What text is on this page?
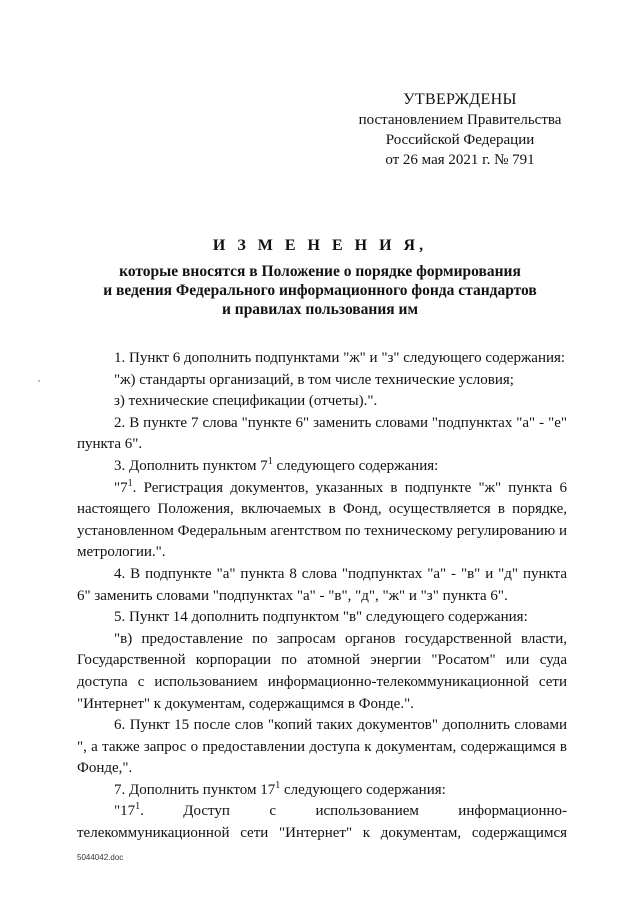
УТВЕРЖДЕНЫ
постановлением Правительства
Российской Федерации
от 26 мая 2021 г. № 791
И З М Е Н Е Н И Я,
которые вносятся в Положение о порядке формирования
и ведения Федерального информационного фонда стандартов
и правилах пользования им

1. Пункт 6 дополнить подпунктами "ж" и "з" следующего содержания:

"ж) стандарты организаций, в том числе технические условия;

з) технические спецификации (отчеты).".

2. В пункте 7 слова "пункте 6" заменить словами "подпунктах "а" - "е" пункта 6".

3. Дополнить пунктом $7^1$ следующего содержания:

"$7^1$. Регистрация документов, указанных в подпункте "ж" пункта 6 настоящего Положения, включаемых в Фонд, осуществляется в порядке, установленном Федеральным агентством по техническому регулированию и метрологии.".

4. В подпункте "а" пункта 8 слова "подпунктах "а" - "в" и "д" пункта 6" заменить словами "подпунктах "а" - "в", "д", "ж" и "з" пункта 6".

5. Пункт 14 дополнить подпунктом "в" следующего содержания:

"в) предоставление по запросам органов государственной власти, Государственной корпорации по атомной энергии "Росатом" или суда доступа с использованием информационно-телекоммуникационной сети "Интернет" к документам, содержащимся в Фонде.".

6. Пункт 15 после слов "копий таких документов" дополнить словами ", а также запрос о предоставлении доступа к документам, содержащимся в Фонде,".

7. Дополнить пунктом $17^1$ следующего содержания:

"$17^1$. Доступ с использованием информационно-телекоммуникационной сети "Интернет" к документам, содержащимся

5044042.doc
